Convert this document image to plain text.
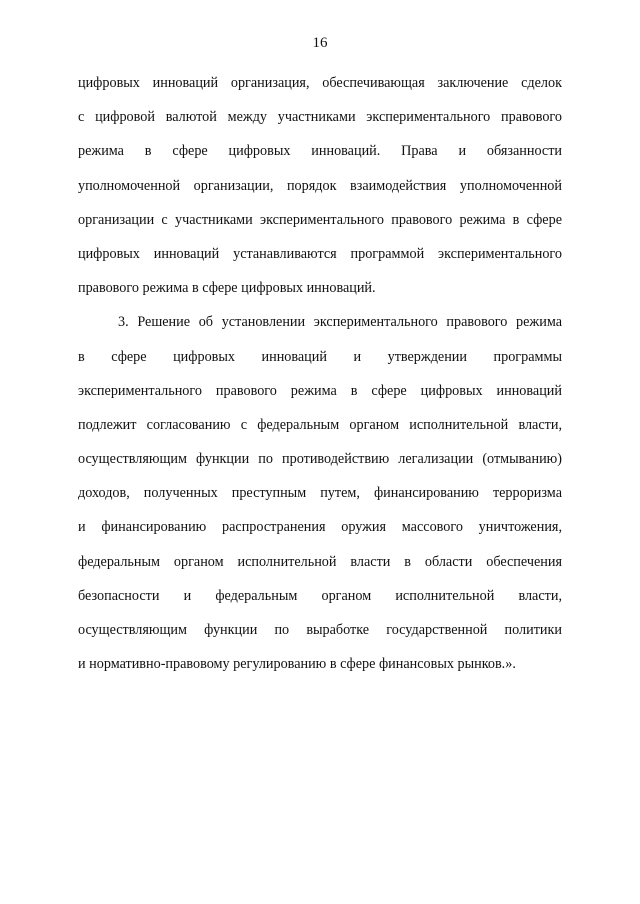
16
цифровых инноваций организация, обеспечивающая заключение сделок
с цифровой валютой между участниками экспериментального правового
режима в сфере цифровых инноваций. Права и обязанности
уполномоченной организации, порядок взаимодействия уполномоченной
организации с участниками экспериментального правового режима в сфере
цифровых инноваций устанавливаются программой экспериментального
правового режима в сфере цифровых инноваций.
3. Решение об установлении экспериментального правового режима
в сфере цифровых инноваций и утверждении программы
экспериментального правового режима в сфере цифровых инноваций
подлежит согласованию с федеральным органом исполнительной власти,
осуществляющим функции по противодействию легализации (отмыванию)
доходов, полученных преступным путем, финансированию терроризма
и финансированию распространения оружия массового уничтожения,
федеральным органом исполнительной власти в области обеспечения
безопасности и федеральным органом исполнительной власти,
осуществляющим функции по выработке государственной политики
и нормативно-правовому регулированию в сфере финансовых рынков.».
